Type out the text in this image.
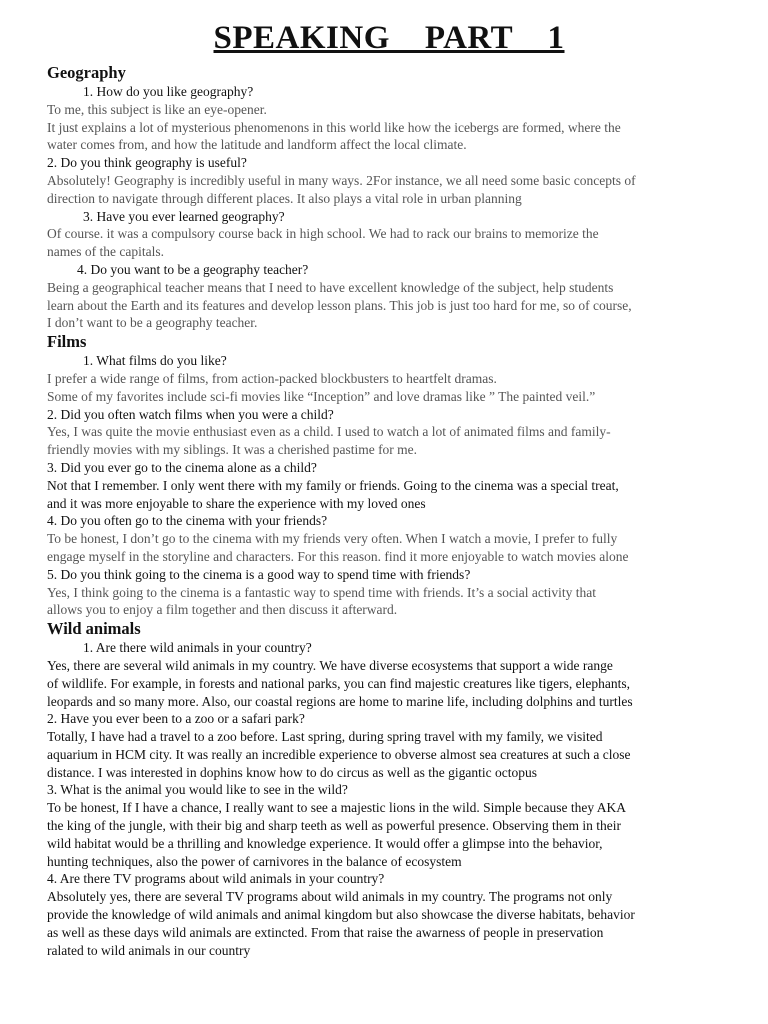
SPEAKING    PART    1
Geography
1. How do you like geography?
To me, this subject is like an eye-opener.
It just explains a lot of mysterious phenomenons in this world like how the icebergs are formed, where the
water comes from, and how the latitude and landform affect the local climate.
2. Do you think geography is useful?
Absolutely! Geography is incredibly useful in many ways. 2For instance, we all need some basic concepts of
direction to navigate through different places. It also plays a vital role in urban planning
3. Have you ever learned geography?
Of course. it was a compulsory course back in high school. We had to rack our brains to memorize the
names of the capitals.
4. Do you want to be a geography teacher?
Being a geographical teacher means that I need to have excellent knowledge of the subject, help students
learn about the Earth and its features and develop lesson plans. This job is just too hard for me, so of course,
I don’t want to be a geography teacher.
Films
1. What films do you like?
I prefer a wide range of films, from action-packed blockbusters to heartfelt dramas.
Some of my favorites include sci-fi movies like “Inception” and love dramas like ” The painted veil.”
2. Did you often watch films when you were a child?
Yes, I was quite the movie enthusiast even as a child. I used to watch a lot of animated films and family-
friendly movies with my siblings. It was a cherished pastime for me.
3. Did you ever go to the cinema alone as a child?
Not that I remember. I only went there with my family or friends. Going to the cinema was a special treat,
and it was more enjoyable to share the experience with my loved ones
4. Do you often go to the cinema with your friends?
To be honest, I don’t go to the cinema with my friends very often. When I watch a movie, I prefer to fully
engage myself in the storyline and characters. For this reason. find it more enjoyable to watch movies alone
5. Do you think going to the cinema is a good way to spend time with friends?
Yes, I think going to the cinema is a fantastic way to spend time with friends. It’s a social activity that
allows you to enjoy a film together and then discuss it afterward.
Wild animals
1. Are there wild animals in your country?
Yes, there are several wild animals in my country. We have diverse ecosystems that support a wide range
of wildlife. For example, in forests and national parks, you can find majestic creatures like tigers, elephants,
leopards and so many more. Also, our coastal regions are home to marine life, including dolphins and turtles
2. Have you ever been to a zoo or a safari park?
Totally, I have had a travel to a zoo before. Last spring, during spring travel with my family, we visited
aquarium in HCM city. It was really an incredible experience to obverse almost sea creatures at such a close
distance. I was interested in dophins know how to do circus as well as the gigantic octopus
3. What is the animal you would like to see in the wild?
To be honest, If I have a chance, I really want to see a majestic lions in the wild. Simple because they AKA
the king of the jungle, with their big and sharp teeth as well as powerful presence. Observing them in their
wild habitat would be a thrilling and knowledge experience. It would offer a glimpse into the behavior,
hunting techniques, also the power of carnivores in the balance of ecosystem
4. Are there TV programs about wild animals in your country?
Absolutely yes, there are several TV programs about wild animals in my country. The programs not only
provide the knowledge of wild animals and animal kingdom but also showcase the diverse habitats, behavior
as well as these days wild animals are extincted. From that raise the awarness of people in preservation
ralated to wild animals in our country
